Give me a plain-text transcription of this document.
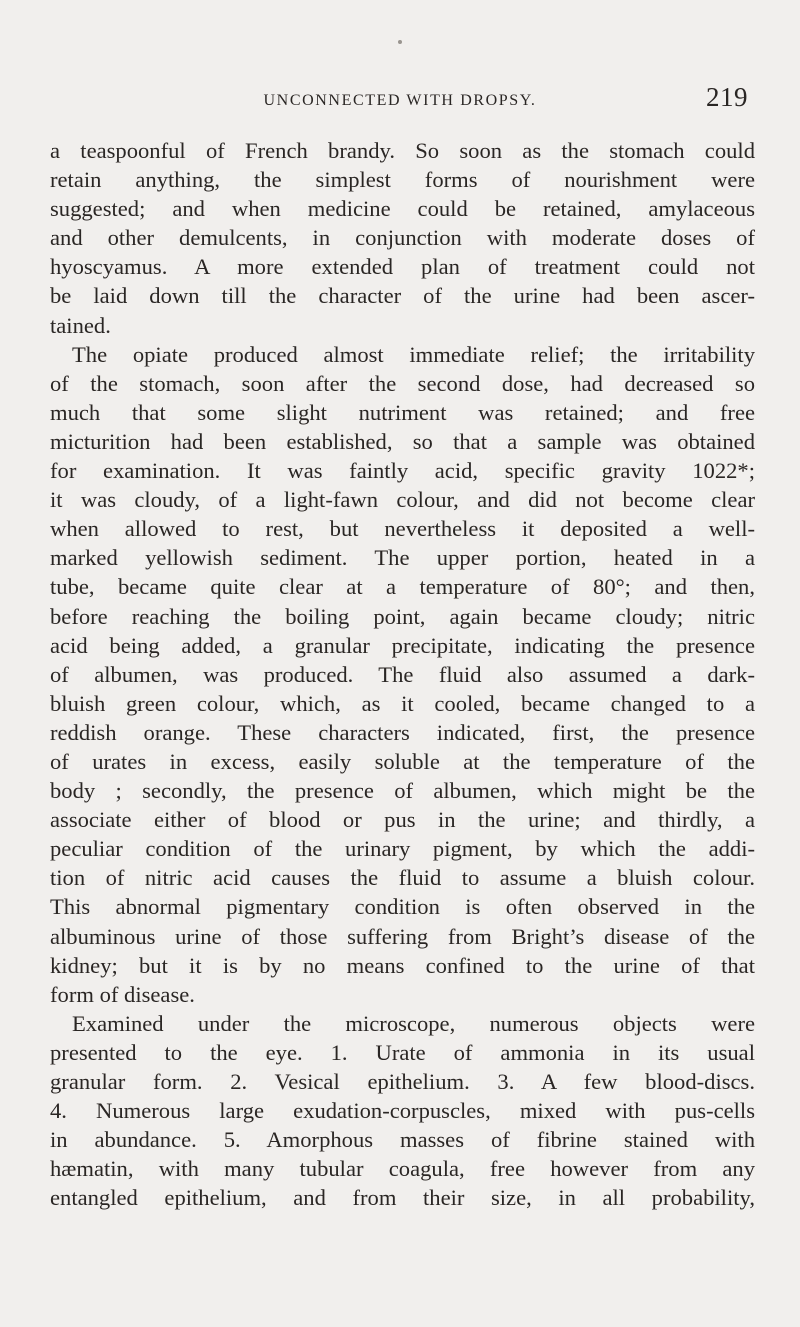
UNCONNECTED WITH DROPSY.	219
a teaspoonful of French brandy. So soon as the stomach could
retain anything, the simplest forms of nourishment were
suggested; and when medicine could be retained, amylaceous
and other demulcents, in conjunction with moderate doses of
hyoscyamus. A more extended plan of treatment could not
be laid down till the character of the urine had been ascer-
tained.
The opiate produced almost immediate relief; the irritability
of the stomach, soon after the second dose, had decreased so
much that some slight nutriment was retained; and free
micturition had been established, so that a sample was obtained
for examination. It was faintly acid, specific gravity 1022*;
it was cloudy, of a light-fawn colour, and did not become clear
when allowed to rest, but nevertheless it deposited a well-
marked yellowish sediment. The upper portion, heated in a
tube, became quite clear at a temperature of 80°; and then,
before reaching the boiling point, again became cloudy; nitric
acid being added, a granular precipitate, indicating the presence
of albumen, was produced. The fluid also assumed a dark-
bluish green colour, which, as it cooled, became changed to a
reddish orange. These characters indicated, first, the presence
of urates in excess, easily soluble at the temperature of the
body ; secondly, the presence of albumen, which might be the
associate either of blood or pus in the urine; and thirdly, a
peculiar condition of the urinary pigment, by which the addi-
tion of nitric acid causes the fluid to assume a bluish colour.
This abnormal pigmentary condition is often observed in the
albuminous urine of those suffering from Bright’s disease of the
kidney; but it is by no means confined to the urine of that
form of disease.
Examined under the microscope, numerous objects were
presented to the eye. 1. Urate of ammonia in its usual
granular form. 2. Vesical epithelium. 3. A few blood-discs.
4. Numerous large exudation-corpuscles, mixed with pus-cells
in abundance. 5. Amorphous masses of fibrine stained with
hæmatin, with many tubular coagula, free however from any
entangled epithelium, and from their size, in all probability,
